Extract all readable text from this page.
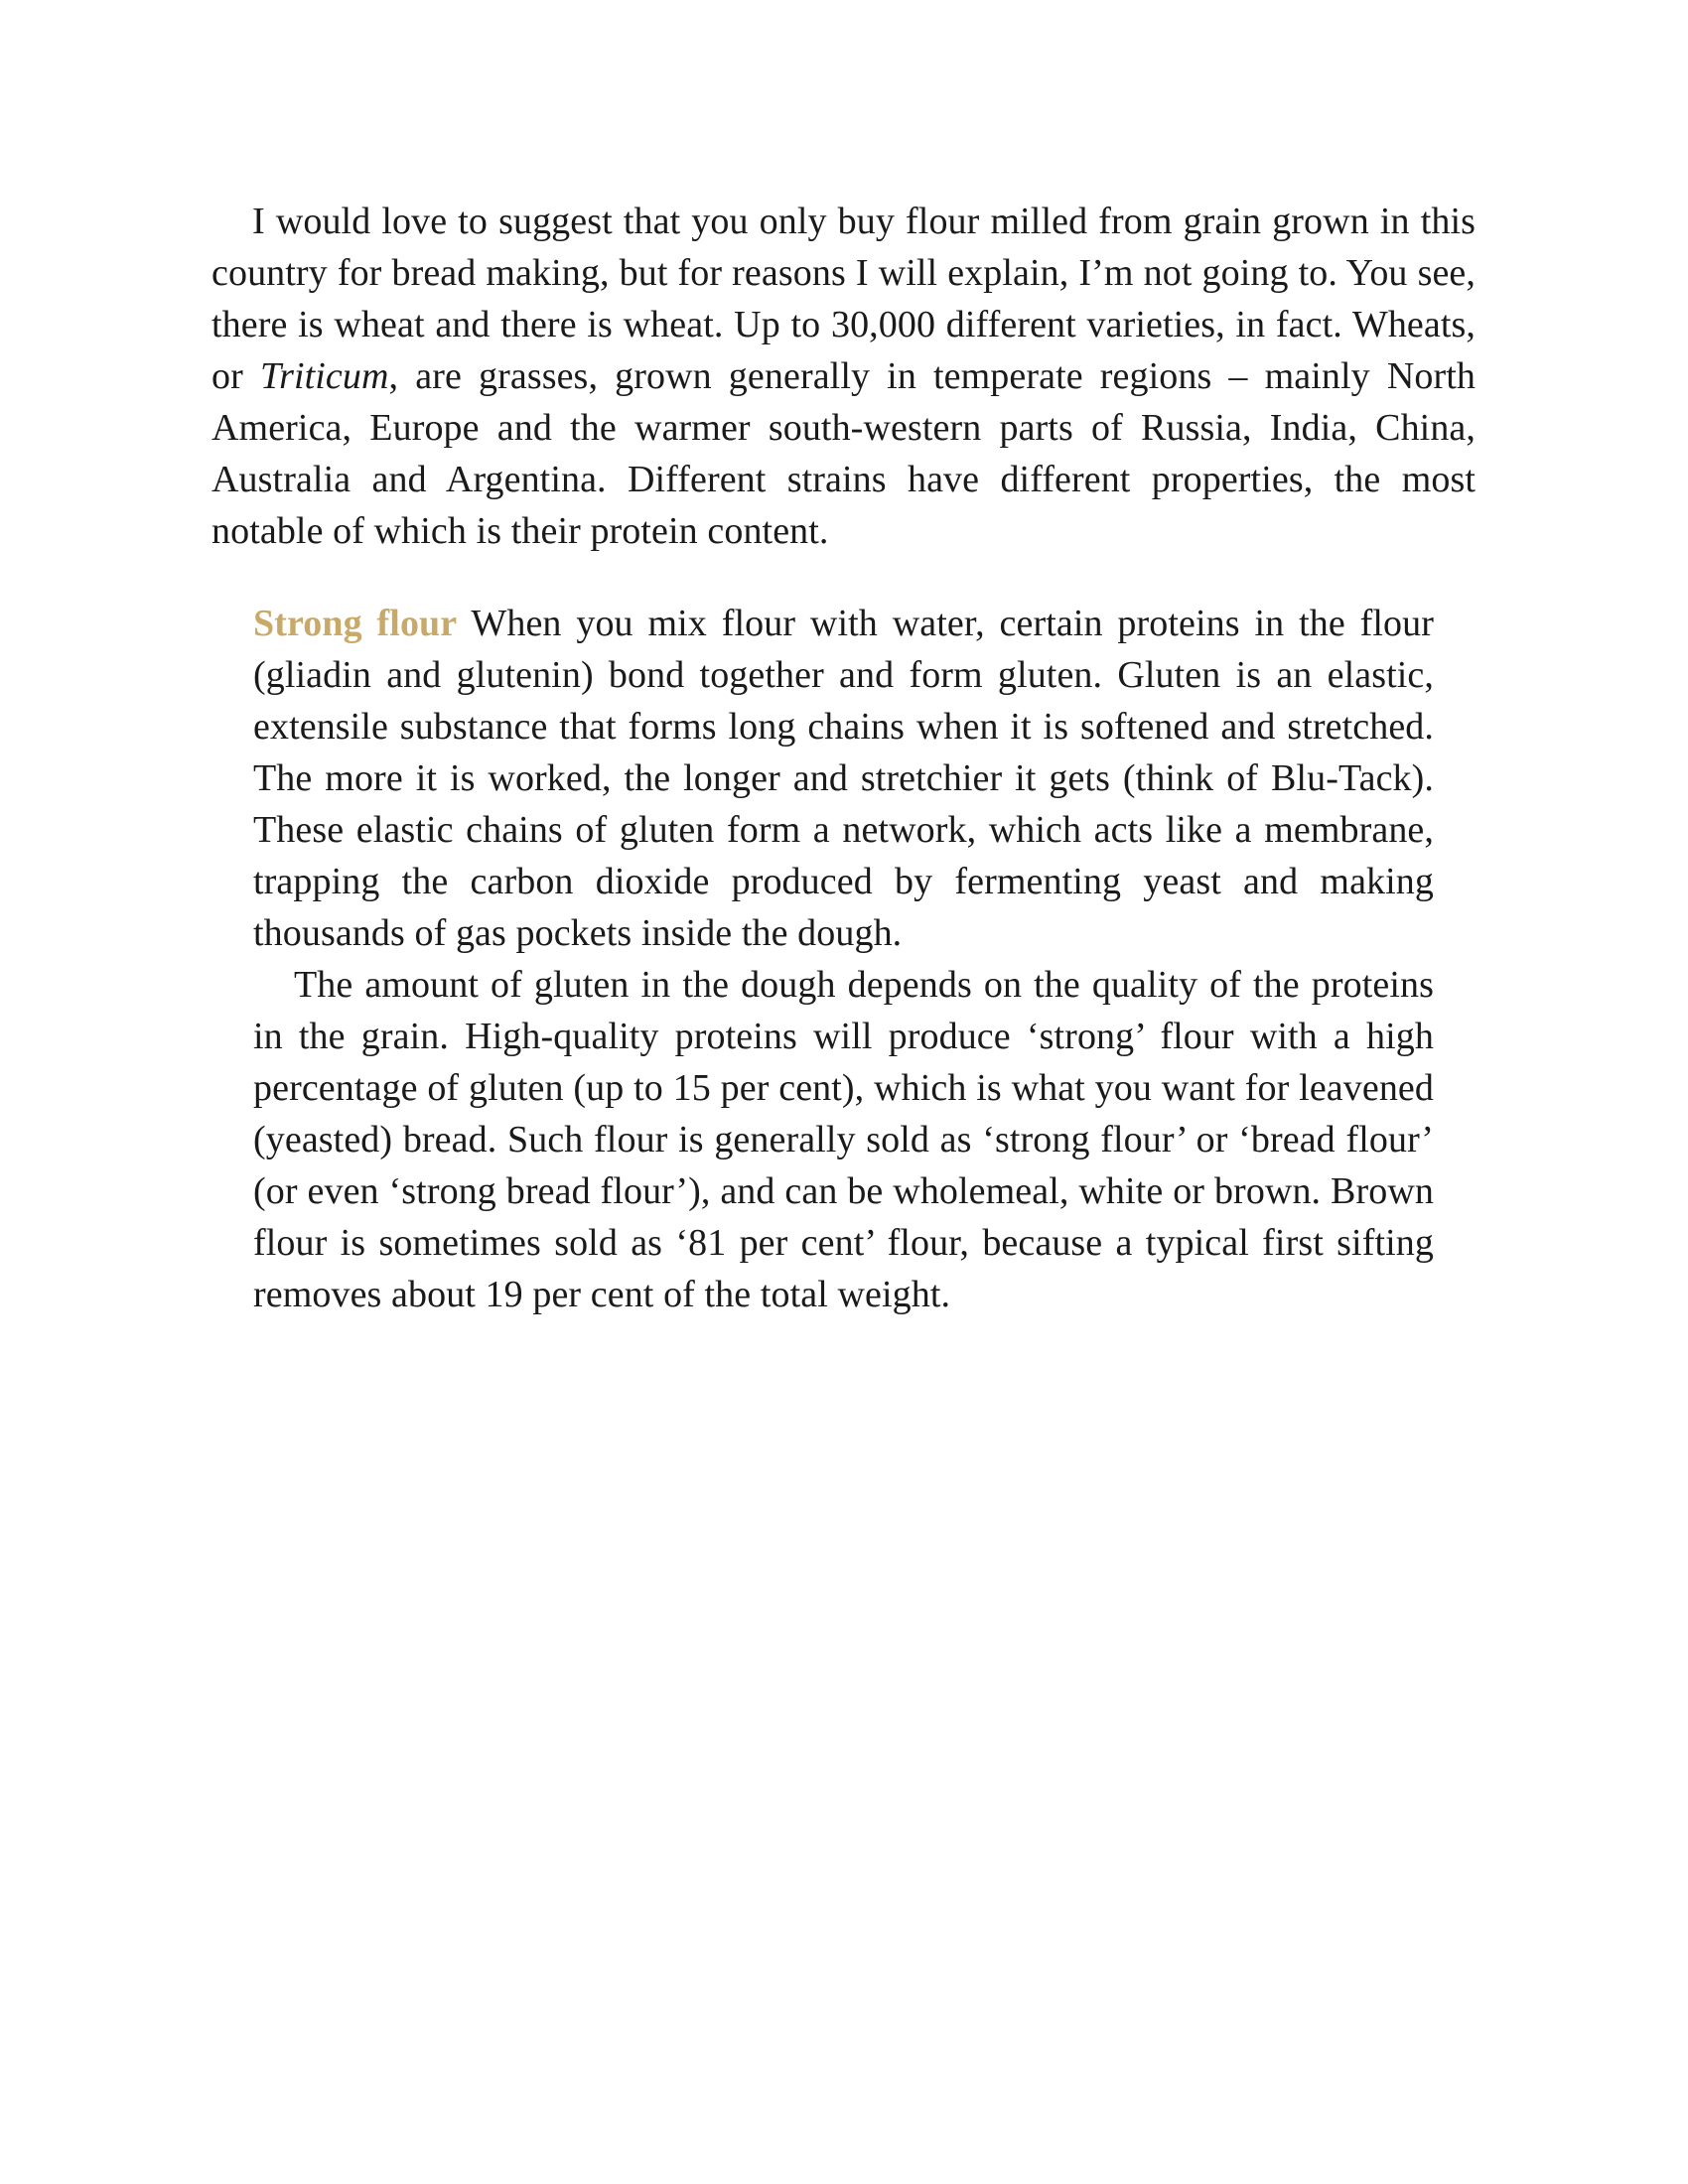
I would love to suggest that you only buy flour milled from grain grown in this country for bread making, but for reasons I will explain, I’m not going to. You see, there is wheat and there is wheat. Up to 30,000 different varieties, in fact. Wheats, or Triticum, are grasses, grown generally in temperate regions – mainly North America, Europe and the warmer south-western parts of Russia, India, China, Australia and Argentina. Different strains have different properties, the most notable of which is their protein content.

Strong flour When you mix flour with water, certain proteins in the flour (gliadin and glutenin) bond together and form gluten. Gluten is an elastic, extensile substance that forms long chains when it is softened and stretched. The more it is worked, the longer and stretchier it gets (think of Blu-Tack). These elastic chains of gluten form a network, which acts like a membrane, trapping the carbon dioxide produced by fermenting yeast and making thousands of gas pockets inside the dough.

The amount of gluten in the dough depends on the quality of the proteins in the grain. High-quality proteins will produce ‘strong’ flour with a high percentage of gluten (up to 15 per cent), which is what you want for leavened (yeasted) bread. Such flour is generally sold as ‘strong flour’ or ‘bread flour’ (or even ‘strong bread flour’), and can be wholemeal, white or brown. Brown flour is sometimes sold as ‘81 per cent’ flour, because a typical first sifting removes about 19 per cent of the total weight.
